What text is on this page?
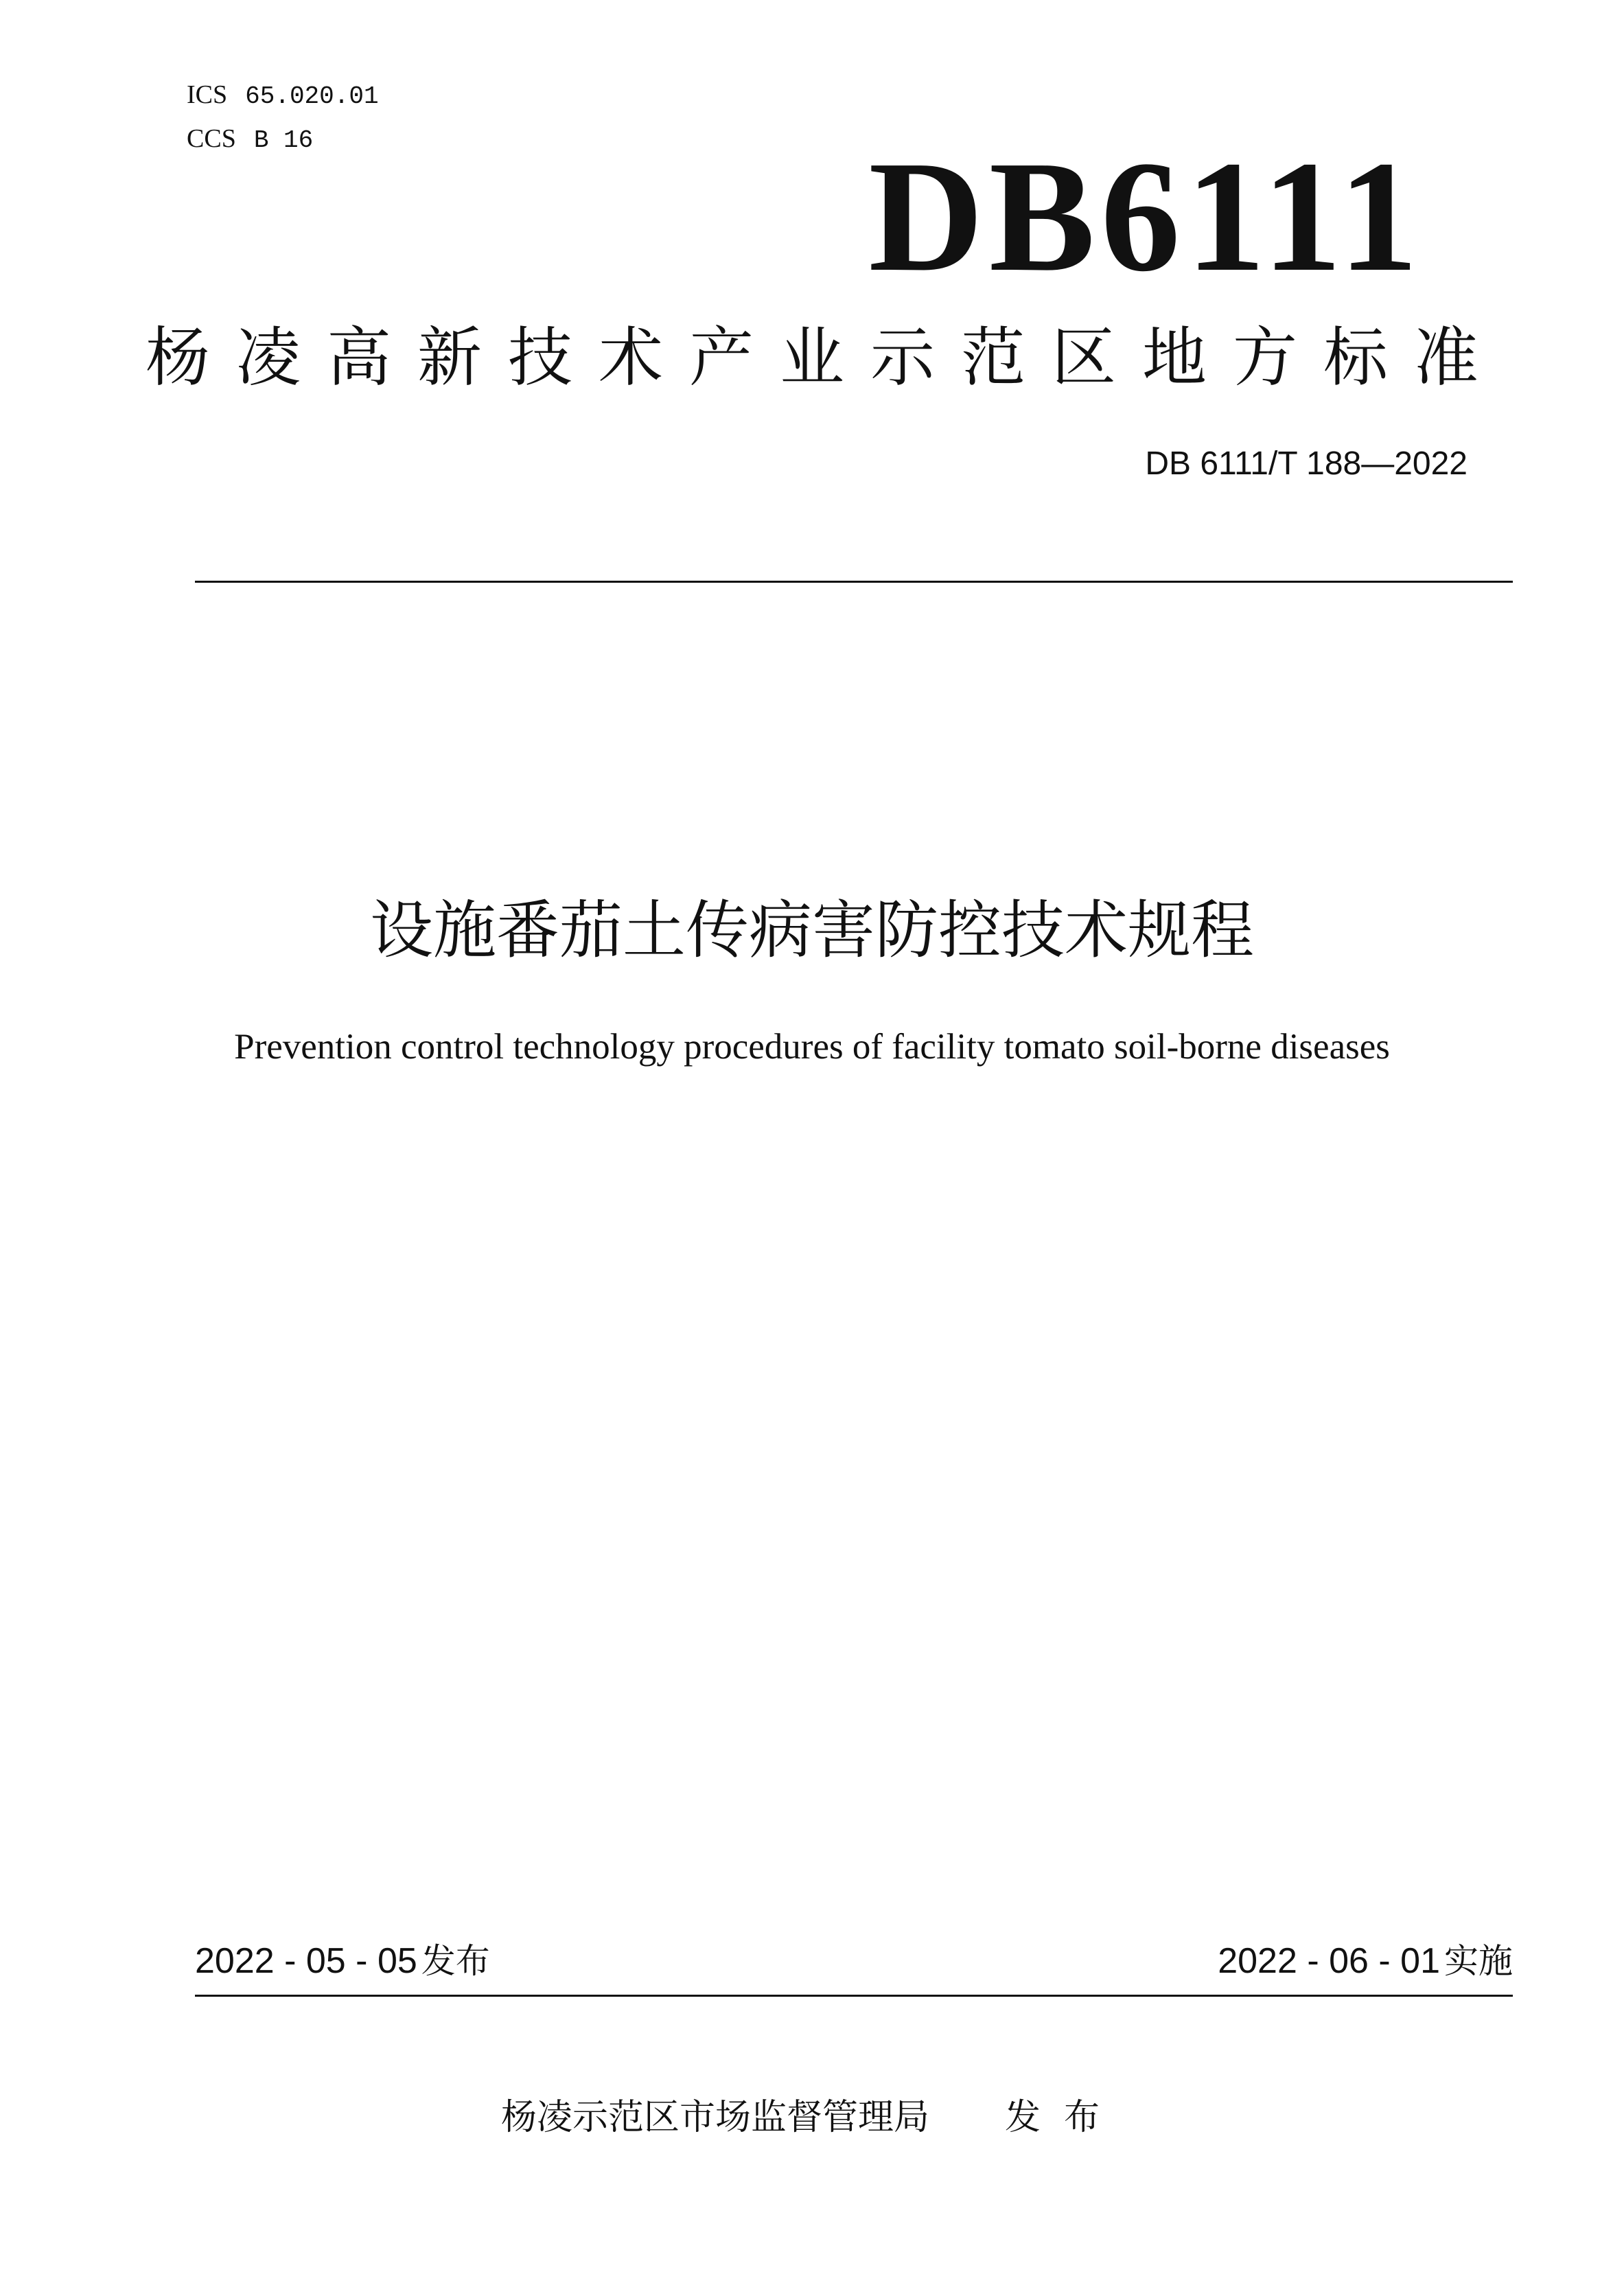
ICS 65.020.01
CCS B 16	DB6111
杨凌高新技术产业示范区地方标准
DB 6111/T 188—2022
设施番茄土传病害防控技术规程
Prevention control technology procedures of facility tomato soil-borne diseases
2022 - 05 - 05 发布	2022 - 06 - 01 实施
杨凌示范区市场监督管理局 发布
